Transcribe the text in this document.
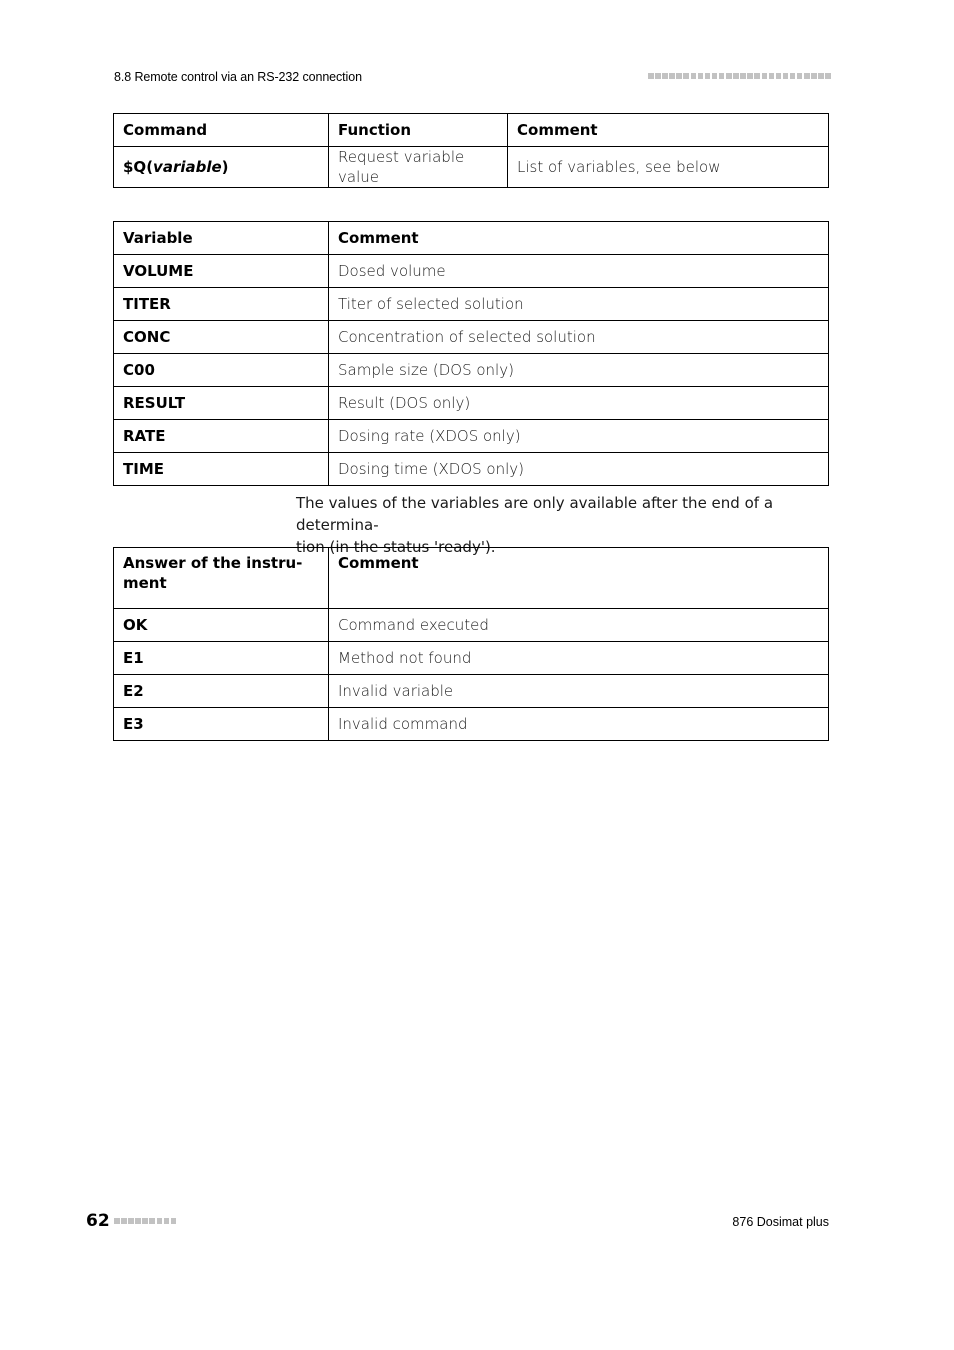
8.8 Remote control via an RS-232 connection
Command	Function	Comment
$Q(variable)	Request variable value	List of variables, see below
Variable	Comment
VOLUME	Dosed volume
TITER	Titer of selected solution
CONC	Concentration of selected solution
C00	Sample size (DOS only)
RESULT	Result (DOS only)
RATE	Dosing rate (XDOS only)
TIME	Dosing time (XDOS only)
The values of the variables are only available after the end of a determina-
tion (in the status 'ready').
Answer of the instru-
ment	Comment
OK	Command executed
E1	Method not found
E2	Invalid variable
E3	Invalid command
62	876 Dosimat plus
